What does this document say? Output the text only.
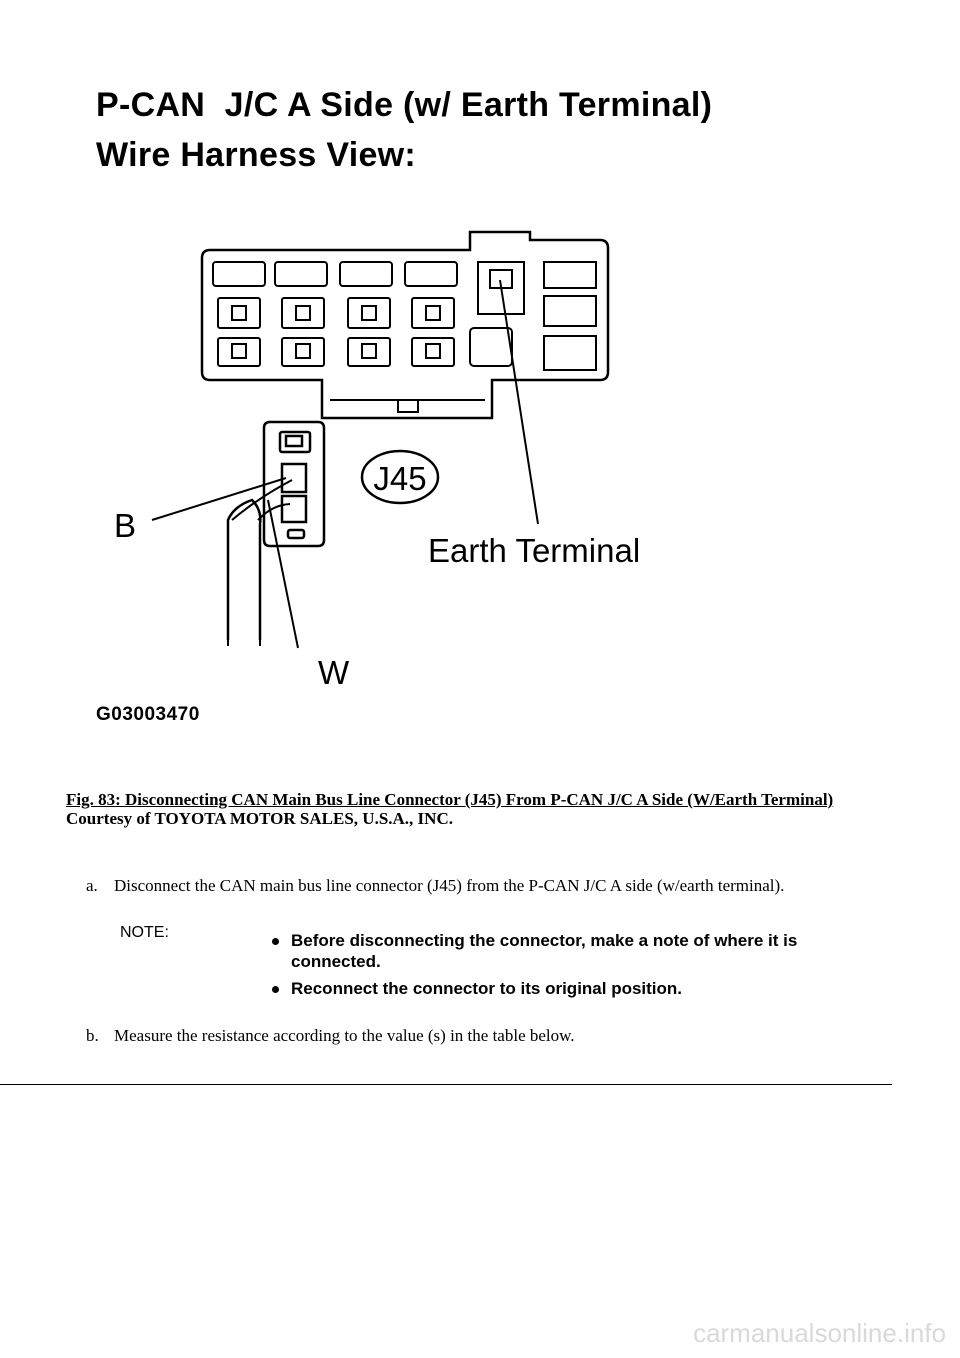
P-CAN  J/C A Side (w/ Earth Terminal)
Wire Harness View:
J45
Earth Terminal
B
W
G03003470
Fig. 83: Disconnecting CAN Main Bus Line Connector (J45) From P-CAN J/C A Side (W/Earth Terminal)
Courtesy of TOYOTA MOTOR SALES, U.S.A., INC.
a. Disconnect the CAN main bus line connector (J45) from the P-CAN J/C A side (w/earth terminal).
NOTE:	Before disconnecting the connector, make a note of where it is connected.
Reconnect the connector to its original position.
b. Measure the resistance according to the value (s) in the table below.
carmanualsonline.info
